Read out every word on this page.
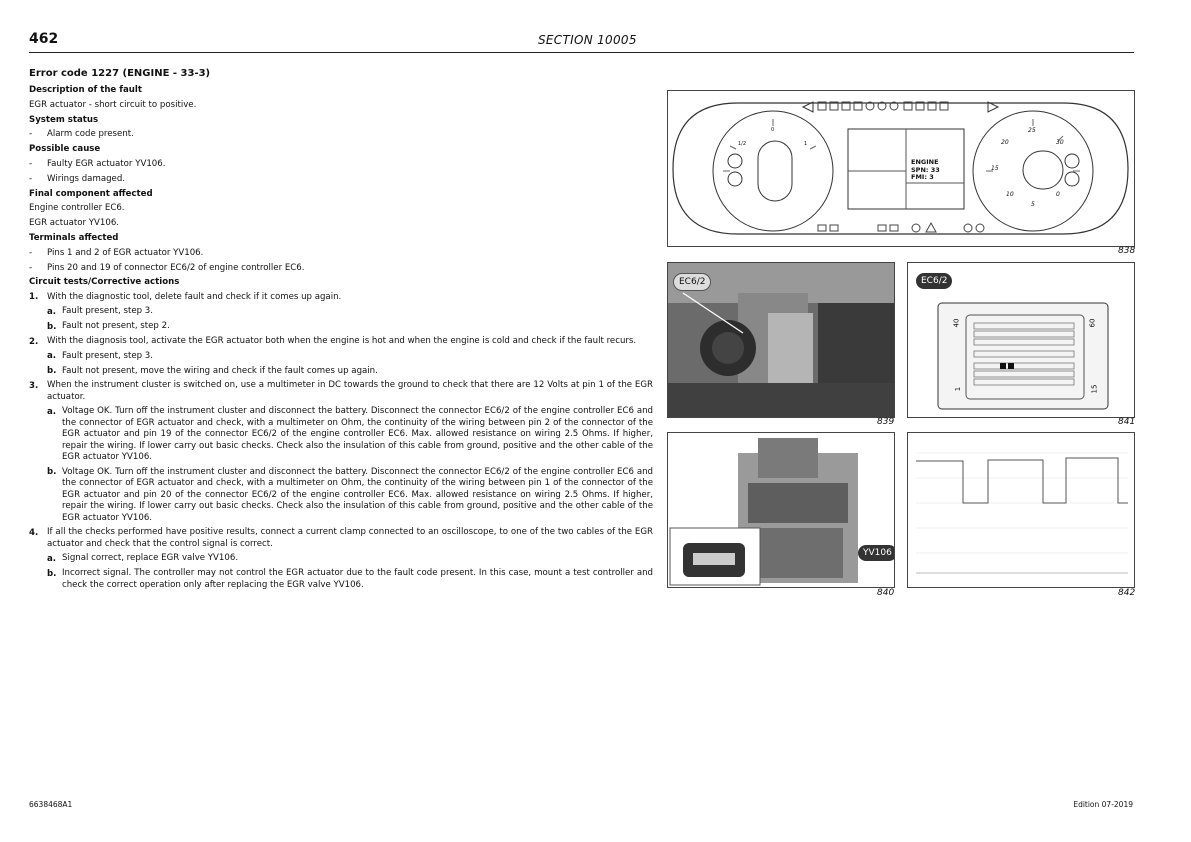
462	SECTION 10005
Error code 1227 (ENGINE - 33-3)
Description of the fault
EGR actuator - short circuit to positive.
System status
-	Alarm code present.
Possible cause
-	Faulty EGR actuator YV106.
-	Wirings damaged.
Final component affected
Engine controller EC6.
EGR actuator YV106.
Terminals affected
-	Pins 1 and 2 of EGR actuator YV106.
-	Pins 20 and 19 of connector EC6/2 of engine controller EC6.
Circuit tests/Corrective actions
1.	With the diagnostic tool, delete fault and check if it comes up again.
a. Fault present, step 3.
b. Fault not present, step 2.
2.	With the diagnosis tool, activate the EGR actuator both when the engine is hot and when the engine is cold and check if the fault recurs.
a. Fault present, step 3.
b. Fault not present, move the wiring and check if the fault comes up again.
3.	When the instrument cluster is switched on, use a multimeter in DC towards the ground to check that there are 12 Volts at pin 1 of the EGR actuator.
a. Voltage OK. Turn off the instrument cluster and disconnect the battery. Disconnect the connector EC6/2 of the engine controller EC6 and the connector of EGR actuator and check, with a multimeter on Ohm, the continuity of the wiring between pin 2 of the connector of the EGR actuator and pin 19 of the connector EC6/2 of the engine controller EC6. Max. allowed resistance on wiring 2.5 Ohms. If higher, repair the wiring. If lower carry out basic checks. Check also the insulation of this cable from ground, positive and the other cable of the EGR actuator YV106.
b. Voltage OK. Turn off the instrument cluster and disconnect the battery. Disconnect the connector EC6/2 of the engine controller EC6 and the connector of EGR actuator and check, with a multimeter on Ohm, the continuity of the wiring between pin 1 of the connector of the EGR actuator and pin 20 of the connector EC6/2 of the engine controller EC6. Max. allowed resistance on wiring 2.5 Ohms. If higher, repair the wiring. If lower carry out basic checks. Check also the insulation of this cable from ground, positive and the other cable of the EGR actuator YV106.
4.	If all the checks performed have positive results, connect a current clamp connected to an oscilloscope, to one of the two cables of the EGR actuator and check that the control signal is correct.
a. Signal correct, replace EGR valve YV106.
b. Incorrect signal. The controller may not control the EGR actuator due to the fault code present. In this case, mount a test controller and check the correct operation only after replacing the EGR valve YV106.
ENGINE
SPN: 33
FMI: 3
0
1/2	1
25
20	30
15
10
5
0
838
EC6/2
839
EC6/2
40	60
1	15
841
YV106
840	842
6638468A1	Edition 07-2019
